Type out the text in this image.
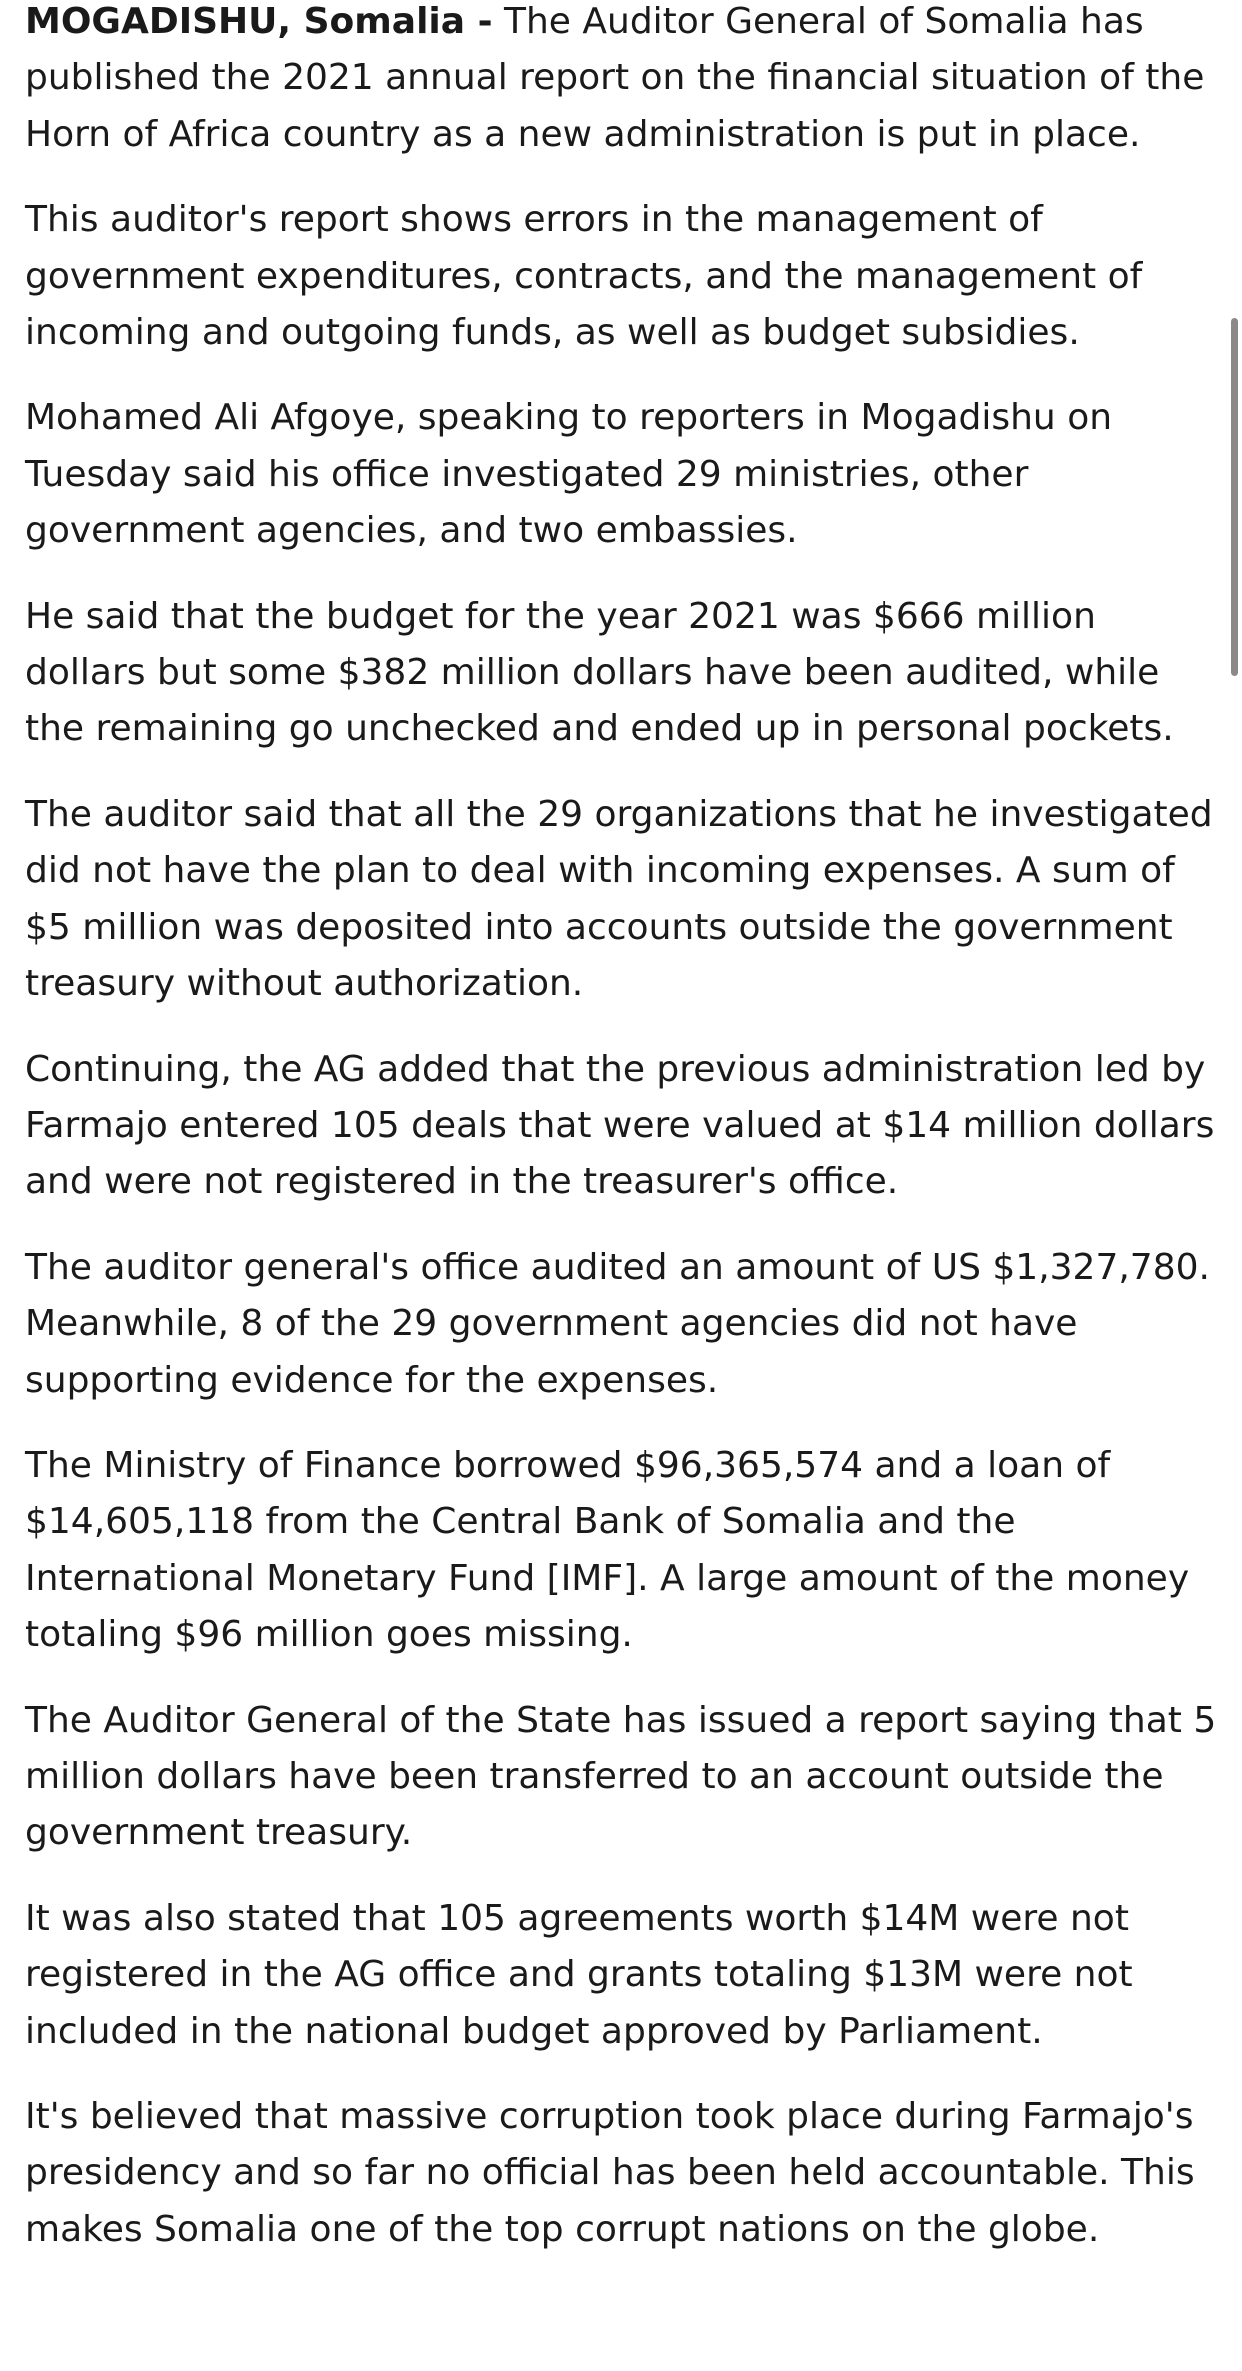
MOGADISHU, Somalia - The Auditor General of Somalia has published the 2021 annual report on the financial situation of the Horn of Africa country as a new administration is put in place.

This auditor's report shows errors in the management of government expenditures, contracts, and the management of incoming and outgoing funds, as well as budget subsidies.

Mohamed Ali Afgoye, speaking to reporters in Mogadishu on Tuesday said his office investigated 29 ministries, other government agencies, and two embassies.

He said that the budget for the year 2021 was $666 million dollars but some $382 million dollars have been audited, while the remaining go unchecked and ended up in personal pockets.

The auditor said that all the 29 organizations that he investigated did not have the plan to deal with incoming expenses. A sum of $5 million was deposited into accounts outside the government treasury without authorization.

Continuing, the AG added that the previous administration led by Farmajo entered 105 deals that were valued at $14 million dollars and were not registered in the treasurer's office.

The auditor general's office audited an amount of US $1,327,780. Meanwhile, 8 of the 29 government agencies did not have supporting evidence for the expenses.

The Ministry of Finance borrowed $96,365,574 and a loan of $14,605,118 from the Central Bank of Somalia and the International Monetary Fund [IMF]. A large amount of the money totaling $96 million goes missing.

The Auditor General of the State has issued a report saying that 5 million dollars have been transferred to an account outside the government treasury.

It was also stated that 105 agreements worth $14M were not registered in the AG office and grants totaling $13M were not included in the national budget approved by Parliament.

It's believed that massive corruption took place during Farmajo's presidency and so far no official has been held accountable. This makes Somalia one of the top corrupt nations on the globe.
